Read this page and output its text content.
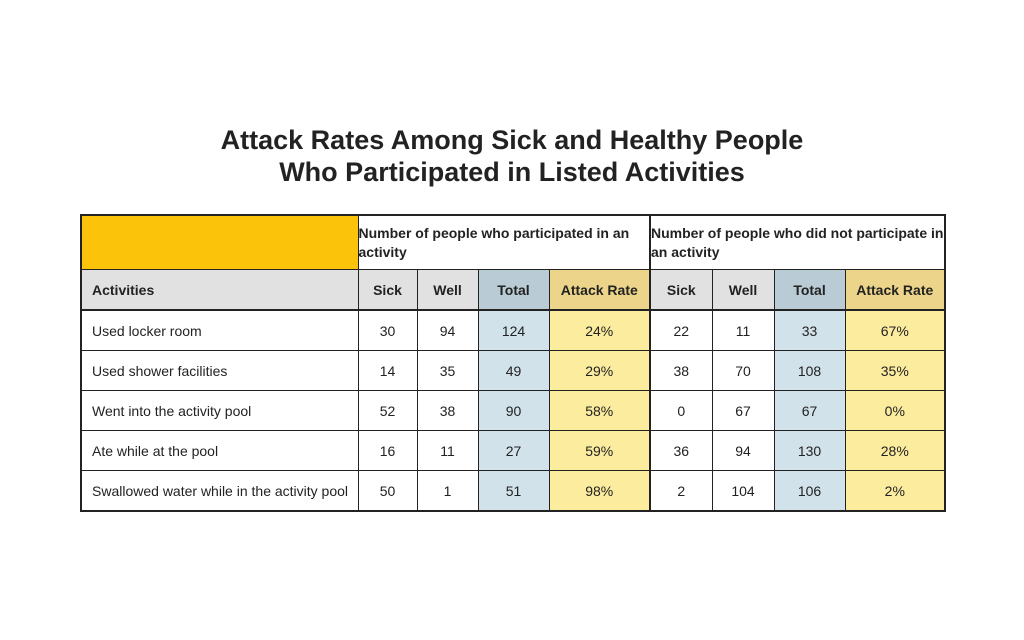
Attack Rates Among Sick and Healthy People
Who Participated in Listed Activities
	Number of people who participated in an activity				Number of people who did not participate in an activity			
Activities	Sick	Well	Total	Attack Rate	Sick	Well	Total	Attack Rate
Used locker room	30	94	124	24%	22	11	33	67%
Used shower facilities	14	35	49	29%	38	70	108	35%
Went into the activity pool	52	38	90	58%	0	67	67	0%
Ate while at the pool	16	11	27	59%	36	94	130	28%
Swallowed water while in the activity pool	50	1	51	98%	2	104	106	2%
